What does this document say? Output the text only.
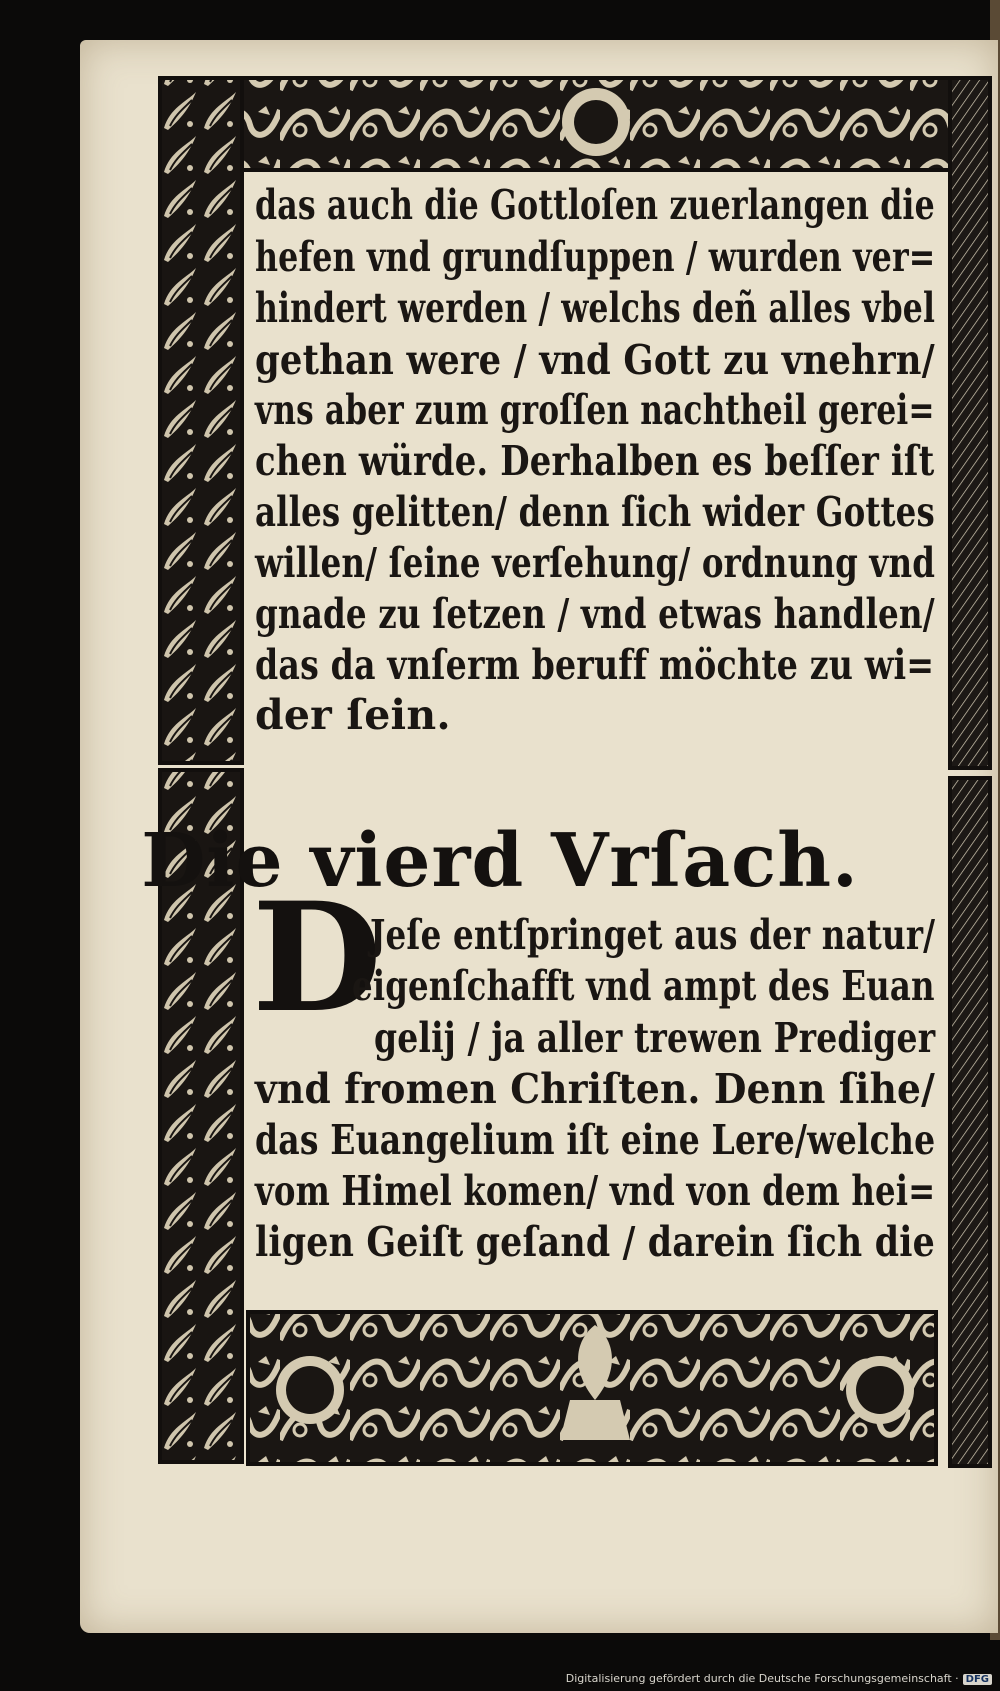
das auch die Gottloſen zuerlangen die
hefen vnd grundſuppen / wurden ver=
hindert werden / welchs deñ alles vbel
gethan were / vnd Gott zu vnehrn/
vns aber zum groſſen nachtheil gerei=
chen würde. Derhalben es beſſer iſt
alles gelitten/ denn ſich wider Gottes
willen/ ſeine verſehung/ ordnung vnd
gnade zu ſetzen / vnd etwas handlen/
das da vnſerm beruff möchte zu wi=
der ſein.
Die vierd Vrſach.
D
Jeſe entſpringet aus der natur/
eigenſchafft vnd ampt des Euan
gelij / ja aller trewen Prediger
vnd fromen Chriſten. Denn ſihe/
das Euangelium iſt eine Lere/welche
vom Himel komen/ vnd von dem hei=
ligen Geiſt geſand / darein ſich die
Digitalisierung gefördert durch die Deutsche Forschungsgemeinschaft · DFG
